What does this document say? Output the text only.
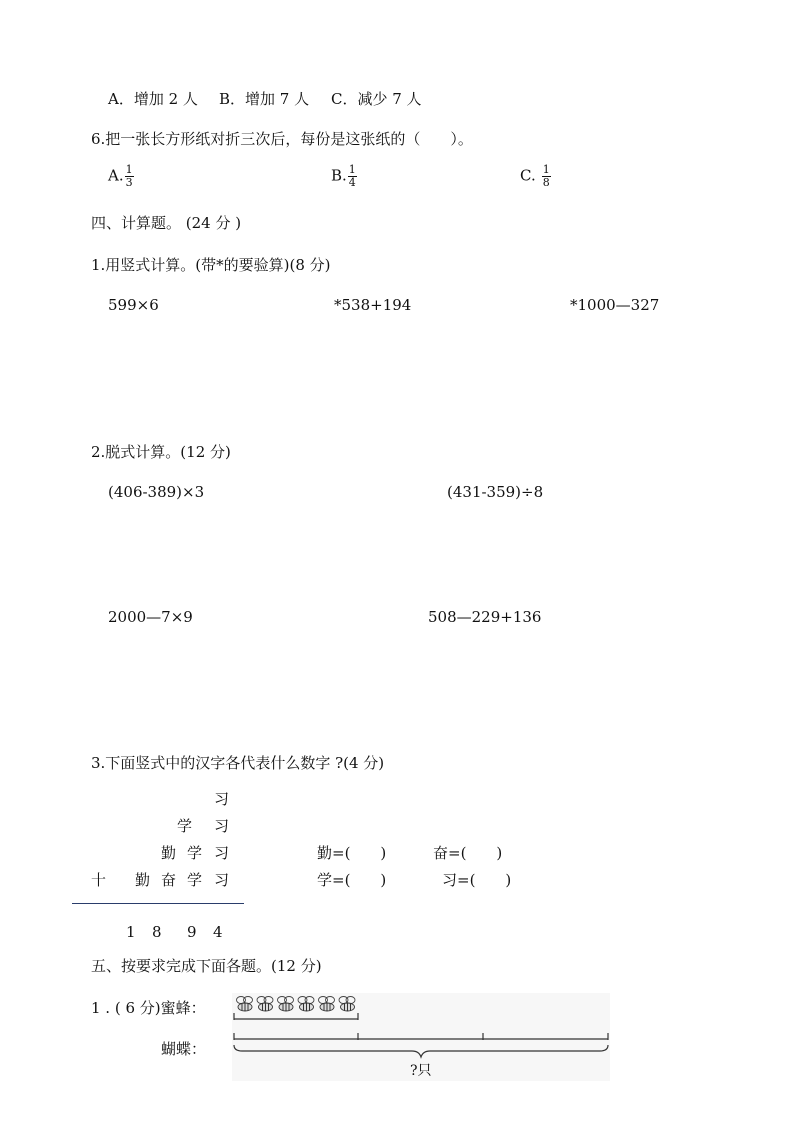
A．增加 2 人 B．增加 7 人 C．减少 7 人
6.把一张长方形纸对折三次后，每份是这张纸的（　　）。
A. $\frac{1}{3}$	B. $\frac{1}{4}$	C. $\frac{1}{8}$
四、计算题。 (24 分 )
1.用竖式计算。(带*的要验算)(8 分)
599×6	*538+194	*1000—327
2.脱式计算。(12 分)
(406-389)×3	(431-359)÷8
2000—7×9	508—229+136
3.下面竖式中的汉字各代表什么数字 ?(4 分)
习
学 习
勤 学 习
十 勤 奋 学 习
1 8 9 4
勤=(　　)	奋=(　　)
学=(　　)	习=(　　)
五、按要求完成下面各题。(12 分)
1 . ( 6 分)蜜蜂：
蝴蝶：
?只
